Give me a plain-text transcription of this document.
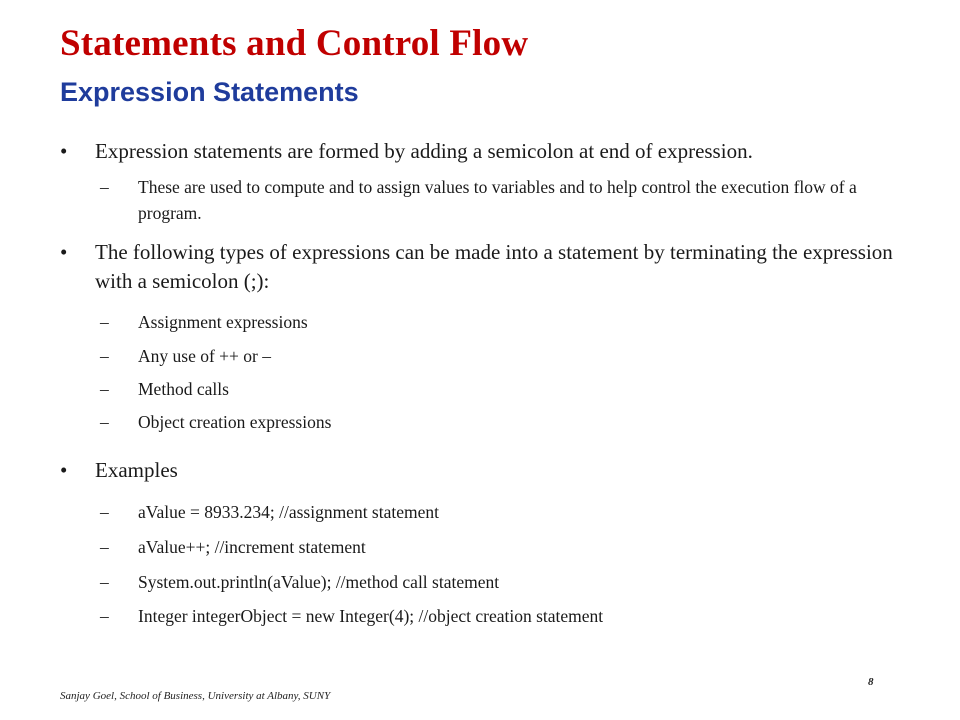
Statements and Control Flow
Expression Statements
•	Expression statements are formed by adding a semicolon at end of expression.
–	These are used to compute and to assign values to variables and to help control the execution flow of a program.
•	The following types of expressions can be made into a statement by terminating the expression with a semicolon (;):
–	Assignment expressions
–	Any use of ++ or –
–	Method calls
–	Object creation expressions
•	Examples
–	aValue = 8933.234; //assignment statement
–	aValue++; //increment statement
–	System.out.println(aValue); //method call statement
–	Integer integerObject = new Integer(4); //object creation statement

Sanjay Goel, School of Business, University at Albany, SUNY

8
